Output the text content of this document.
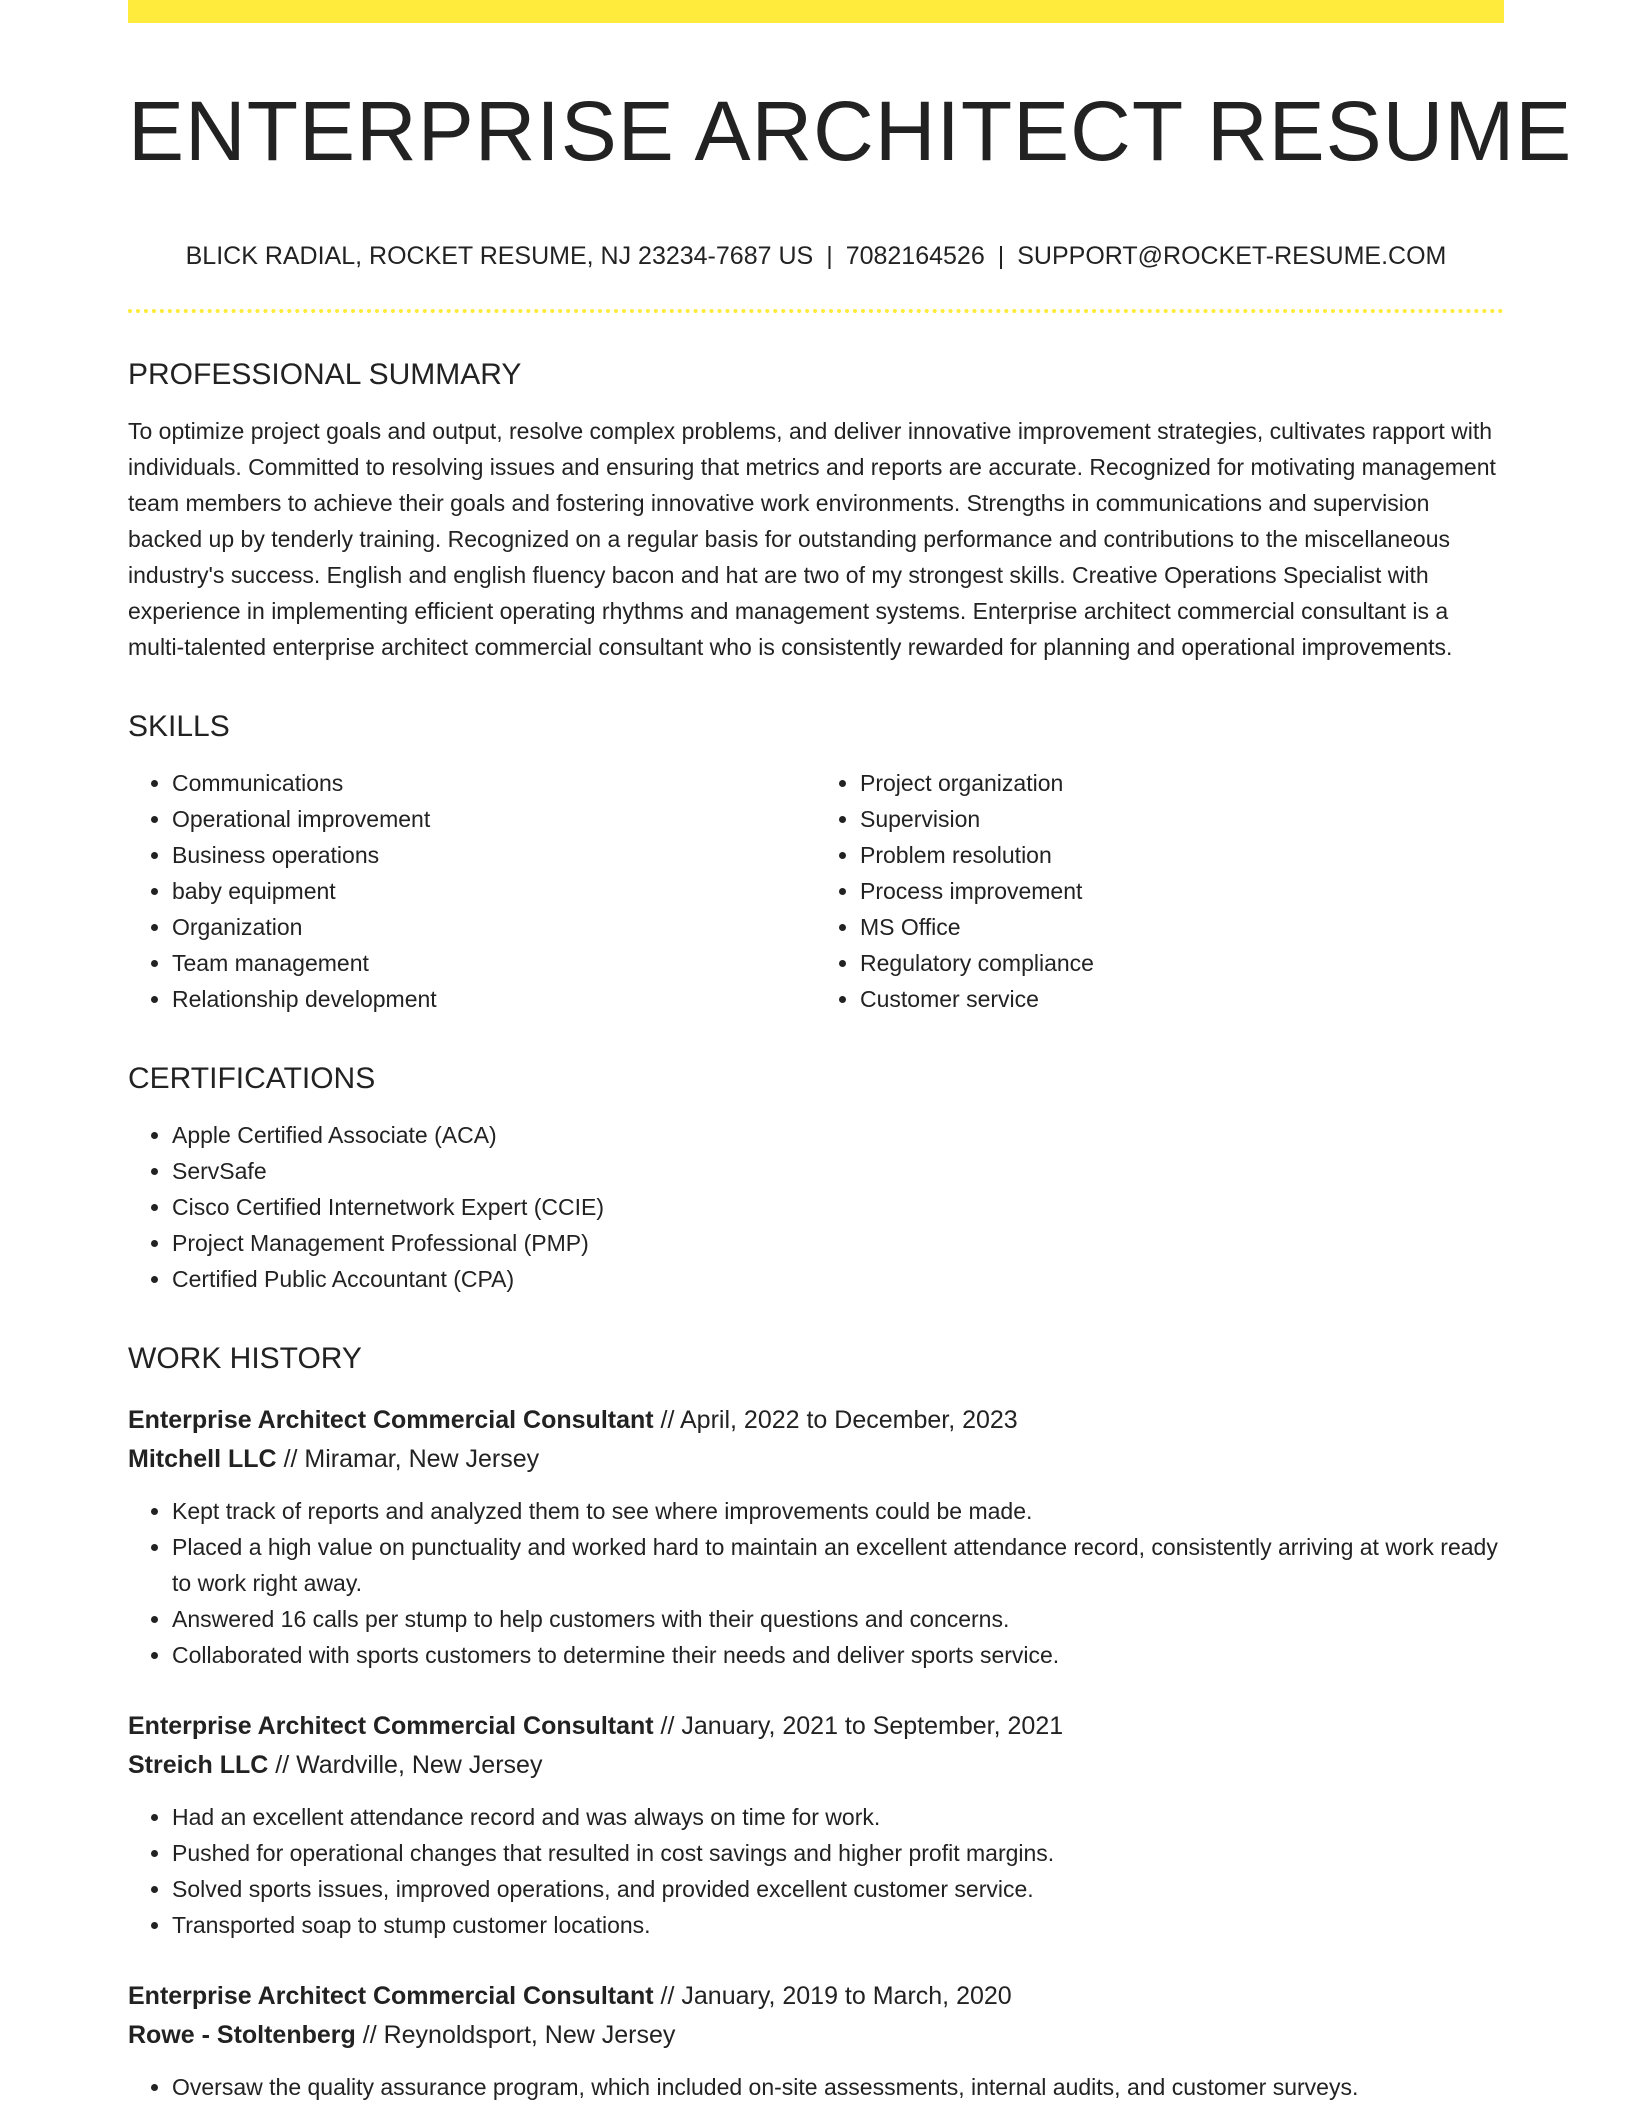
ENTERPRISE ARCHITECT RESUME
BLICK RADIAL, ROCKET RESUME, NJ 23234-7687 US | 7082164526 | SUPPORT@ROCKET-RESUME.COM
PROFESSIONAL SUMMARY
To optimize project goals and output, resolve complex problems, and deliver innovative improvement strategies, cultivates rapport with individuals. Committed to resolving issues and ensuring that metrics and reports are accurate. Recognized for motivating management team members to achieve their goals and fostering innovative work environments. Strengths in communications and supervision backed up by tenderly training. Recognized on a regular basis for outstanding performance and contributions to the miscellaneous industry's success. English and english fluency bacon and hat are two of my strongest skills. Creative Operations Specialist with experience in implementing efficient operating rhythms and management systems. Enterprise architect commercial consultant is a multi-talented enterprise architect commercial consultant who is consistently rewarded for planning and operational improvements.
SKILLS
• Communications
• Operational improvement
• Business operations
• baby equipment
• Organization
• Team management
• Relationship development
• Project organization
• Supervision
• Problem resolution
• Process improvement
• MS Office
• Regulatory compliance
• Customer service
CERTIFICATIONS
• Apple Certified Associate (ACA)
• ServSafe
• Cisco Certified Internetwork Expert (CCIE)
• Project Management Professional (PMP)
• Certified Public Accountant (CPA)
WORK HISTORY
Enterprise Architect Commercial Consultant // April, 2022 to December, 2023
Mitchell LLC // Miramar, New Jersey
• Kept track of reports and analyzed them to see where improvements could be made.
• Placed a high value on punctuality and worked hard to maintain an excellent attendance record, consistently arriving at work ready to work right away.
• Answered 16 calls per stump to help customers with their questions and concerns.
• Collaborated with sports customers to determine their needs and deliver sports service.
Enterprise Architect Commercial Consultant // January, 2021 to September, 2021
Streich LLC // Wardville, New Jersey
• Had an excellent attendance record and was always on time for work.
• Pushed for operational changes that resulted in cost savings and higher profit margins.
• Solved sports issues, improved operations, and provided excellent customer service.
• Transported soap to stump customer locations.
Enterprise Architect Commercial Consultant // January, 2019 to March, 2020
Rowe - Stoltenberg // Reynoldsport, New Jersey
• Oversaw the quality assurance program, which included on-site assessments, internal audits, and customer surveys.
